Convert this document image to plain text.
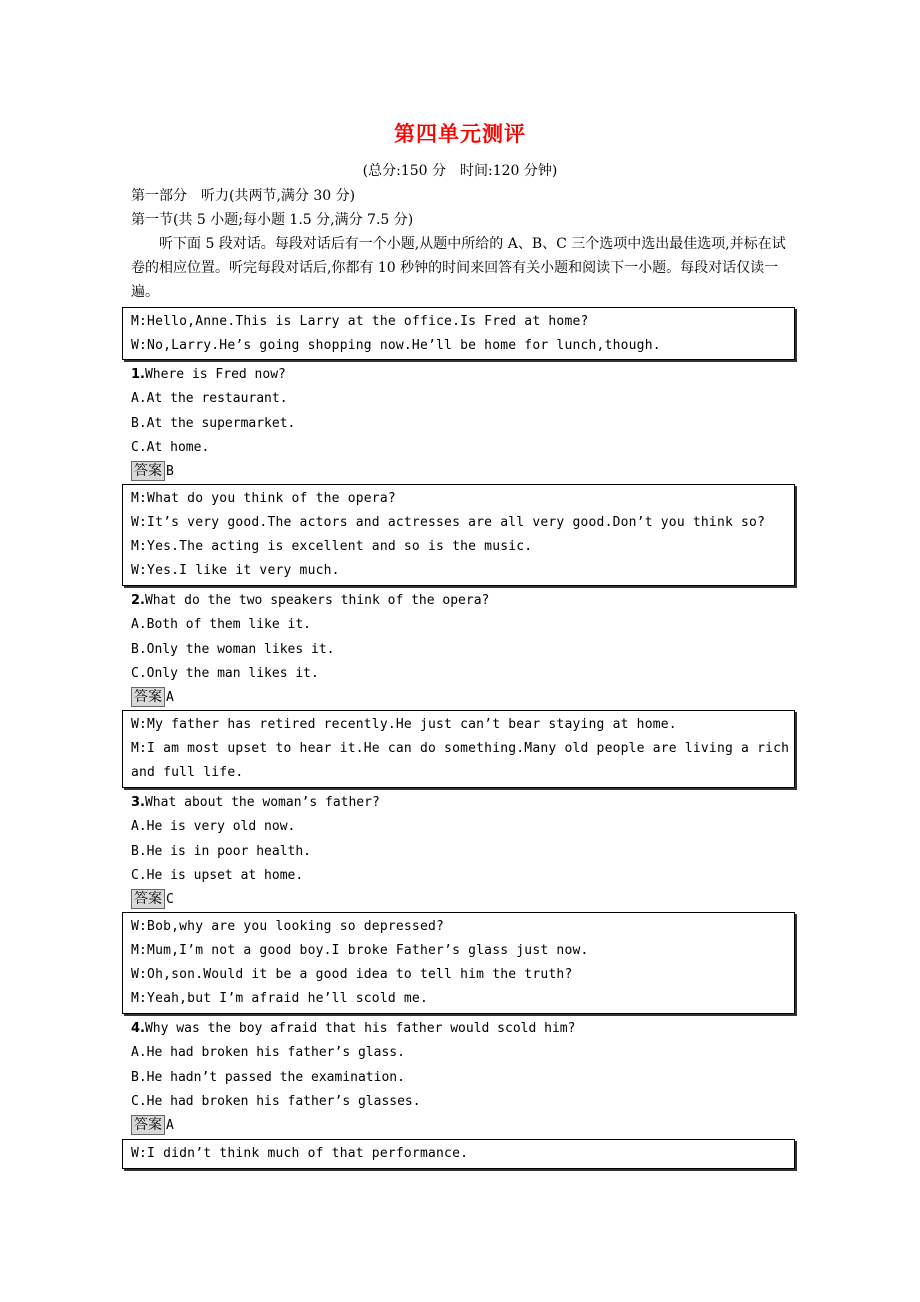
第四单元测评
(总分:150 分　时间:120 分钟)
第一部分　听力(共两节,满分 30 分)
第一节(共 5 小题;每小题 1.5 分,满分 7.5 分)
听下面 5 段对话。每段对话后有一个小题,从题中所给的 A、B、C 三个选项中选出最佳选项,并标在试卷的相应位置。听完每段对话后,你都有 10 秒钟的时间来回答有关小题和阅读下一小题。每段对话仅读一遍。
M:Hello,Anne.This is Larry at the office.Is Fred at home?
W:No,Larry.He’s going shopping now.He’ll be home for lunch,though.
1.Where is Fred now?
A.At the restaurant.
B.At the supermarket.
C.At home.
答案 B
M:What do you think of the opera?
W:It’s very good.The actors and actresses are all very good.Don’t you think so?
M:Yes.The acting is excellent and so is the music.
W:Yes.I like it very much.
2.What do the two speakers think of the opera?
A.Both of them like it.
B.Only the woman likes it.
C.Only the man likes it.
答案 A
W:My father has retired recently.He just can’t bear staying at home.
M:I am most upset to hear it.He can do something.Many old people are living a rich and full life.
3.What about the woman’s father?
A.He is very old now.
B.He is in poor health.
C.He is upset at home.
答案 C
W:Bob,why are you looking so depressed?
M:Mum,I’m not a good boy.I broke Father’s glass just now.
W:Oh,son.Would it be a good idea to tell him the truth?
M:Yeah,but I’m afraid he’ll scold me.
4.Why was the boy afraid that his father would scold him?
A.He had broken his father’s glass.
B.He hadn’t passed the examination.
C.He had broken his father’s glasses.
答案 A
W:I didn’t think much of that performance.
